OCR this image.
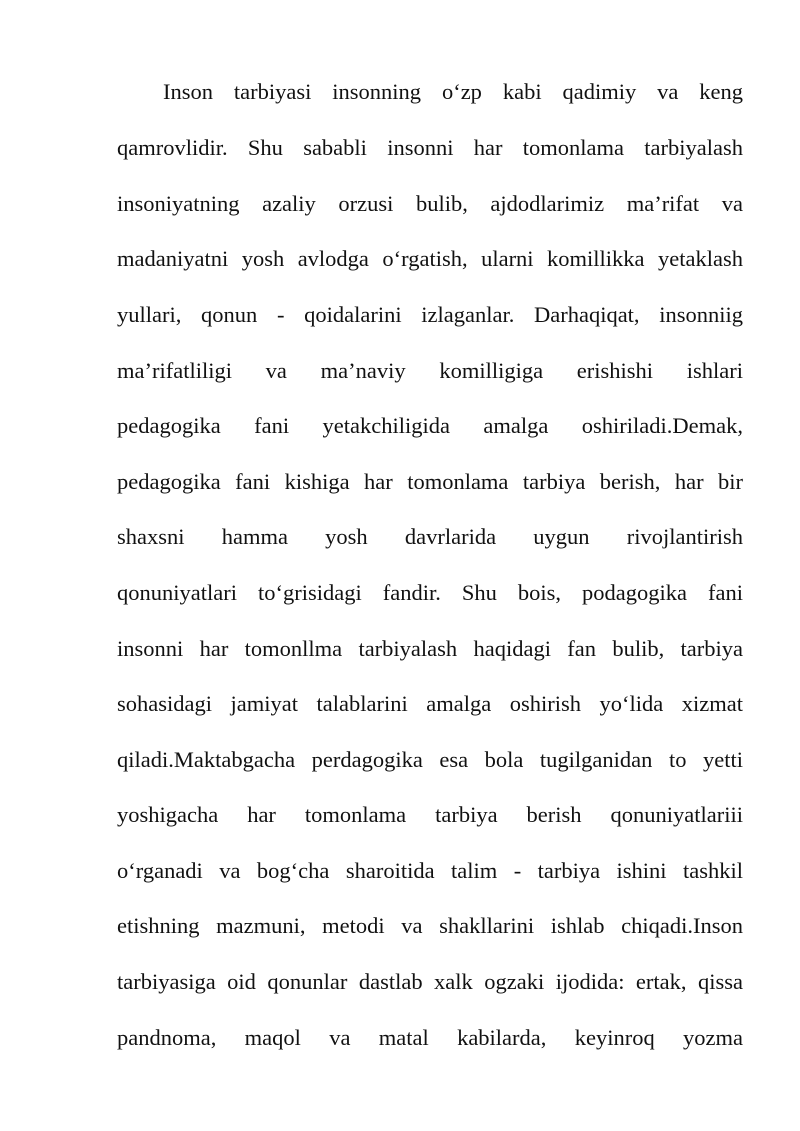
Inson tarbiyasi insonning o‘zp kabi qadimiy va keng
qamrovlidir. Shu sababli insonni har tomonlama tarbiyalash
insoniyatning azaliy orzusi bulib, ajdodlarimiz ma’rifat va
madaniyatni yosh avlodga o‘rgatish, ularni komillikka yetaklash
yullari, qonun - qoidalarini izlaganlar. Darhaqiqat, insonniig
ma’rifatliligi va ma’naviy komilligiga erishishi ishlari
pedagogika fani yetakchiligida amalga oshiriladi.Demak,
pedagogika fani kishiga har tomonlama tarbiya berish, har bir
shaxsni hamma yosh davrlarida uygun rivojlantirish
qonuniyatlari to‘grisidagi fandir. Shu bois, podagogika fani
insonni har tomonllma tarbiyalash haqidagi fan bulib, tarbiya
sohasidagi jamiyat talablarini amalga oshirish yo‘lida xizmat
qiladi.Maktabgacha perdagogika esa bola tugilganidan to yetti
yoshigacha har tomonlama tarbiya berish qonuniyatlariii
o‘rganadi va bog‘cha sharoitida talim - tarbiya ishini tashkil
etishning mazmuni, metodi va shakllarini ishlab chiqadi.Inson
tarbiyasiga oid qonunlar dastlab xalk ogzaki ijodida: ertak, qissa
pandnoma, maqol va matal kabilarda, keyinroq yozma
